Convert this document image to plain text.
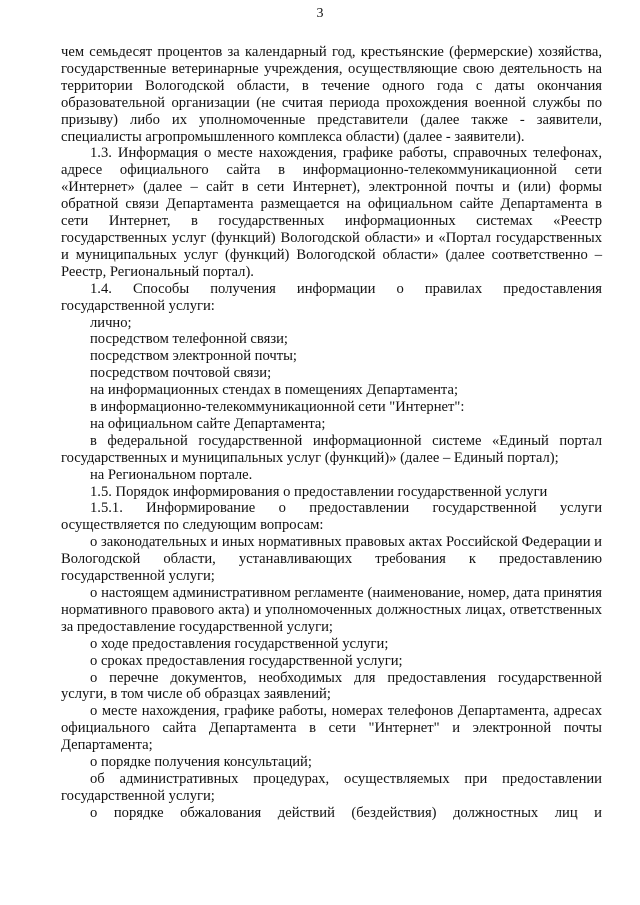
3

чем семьдесят процентов за календарный год, крестьянские (фермерские) хозяйства, государственные ветеринарные учреждения, осуществляющие свою деятельность на территории Вологодской области, в течение одного года с даты окончания образовательной организации (не считая периода прохождения военной службы по призыву) либо их уполномоченные представители (далее также - заявители, специалисты агропромышленного комплекса области) (далее - заявители).

1.3. Информация о месте нахождения, графике работы, справочных телефонах, адресе официального сайта в информационно-телекоммуникационной сети «Интернет» (далее – сайт в сети Интернет), электронной почты и (или) формы обратной связи Департамента размещается на официальном сайте Департамента в сети Интернет, в государственных информационных системах «Реестр государственных услуг (функций) Вологодской области» и «Портал государственных и муниципальных услуг (функций) Вологодской области» (далее соответственно – Реестр, Региональный портал).

1.4. Способы получения информации о правилах предоставления государственной услуги:

лично;

посредством телефонной связи;

посредством электронной почты;

посредством почтовой связи;

на информационных стендах в помещениях Департамента;

в информационно-телекоммуникационной сети "Интернет":

на официальном сайте Департамента;

в федеральной государственной информационной системе «Единый портал государственных и муниципальных услуг (функций)» (далее – Единый портал);

на Региональном портале.

1.5. Порядок информирования о предоставлении государственной услуги

1.5.1. Информирование о предоставлении государственной услуги осуществляется по следующим вопросам:

о законодательных и иных нормативных правовых актах Российской Федерации и Вологодской области, устанавливающих требования к предоставлению государственной услуги;

о настоящем административном регламенте (наименование, номер, дата принятия нормативного правового акта) и уполномоченных должностных лицах, ответственных за предоставление государственной услуги;

о ходе предоставления государственной услуги;

о сроках предоставления государственной услуги;

о перечне документов, необходимых для предоставления государственной услуги, в том числе об образцах заявлений;

о месте нахождения, графике работы, номерах телефонов Департамента, адресах официального сайта Департамента в сети "Интернет" и электронной почты Департамента;

о порядке получения консультаций;

об административных процедурах, осуществляемых при предоставлении государственной услуги;

о порядке обжалования действий (бездействия) должностных лиц и
